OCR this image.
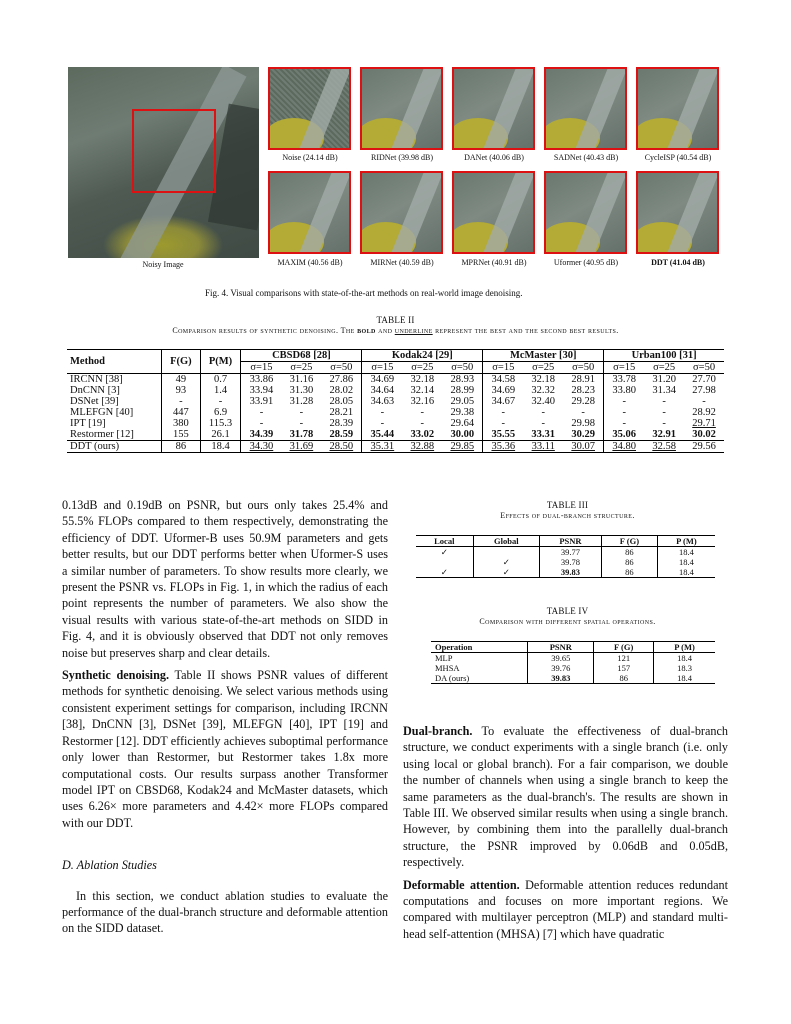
Noisy Image
Noise (24.14 dB)	RIDNet (39.98 dB)	DANet (40.06 dB)	SADNet (40.43 dB)	CycleISP (40.54 dB)
MAXIM (40.56 dB)	MIRNet (40.59 dB)	MPRNet (40.91 dB)	Uformer (40.95 dB)	DDT (41.04 dB)
Fig. 4. Visual comparisons with state-of-the-art methods on real-world image denoising.
TABLE II
Comparison results of synthetic denoising. The bold and underline represent the best and the second best results.
Method	F(G)	P(M)	CBSD68 [28]			Kodak24 [29]			McMaster [30]			Urban100 [31]		
			σ=15	σ=25	σ=50	σ=15	σ=25	σ=50	σ=15	σ=25	σ=50	σ=15	σ=25	σ=50
IRCNN [38]	49	0.7	33.86	31.16	27.86	34.69	32.18	28.93	34.58	32.18	28.91	33.78	31.20	27.70
DnCNN [3]	93	1.4	33.94	31.30	28.02	34.64	32.14	28.99	34.69	32.32	28.23	33.80	31.34	27.98
DSNet [39]	-	-	33.91	31.28	28.05	34.63	32.16	29.05	34.67	32.40	29.28	-	-	-
MLEFGN [40]	447	6.9	-	-	28.21	-	-	29.38	-	-	-	-	-	28.92
IPT [19]	380	115.3	-	-	28.39	-	-	29.64	-	-	29.98	-	-	29.71
Restormer [12]	155	26.1	34.39	31.78	28.59	35.44	33.02	30.00	35.55	33.31	30.29	35.06	32.91	30.02
DDT (ours)	86	18.4	34.30	31.69	28.50	35.31	32.88	29.85	35.36	33.11	30.07	34.80	32.58	29.56

0.13dB and 0.19dB on PSNR, but ours only takes 25.4% and 55.5% FLOPs compared to them respectively, demonstrating the efficiency of DDT. Uformer-B uses 50.9M parameters and gets better results, but our DDT performs better when Uformer-S uses a similar number of parameters. To show results more clearly, we present the PSNR vs. FLOPs in Fig. 1, in which the radius of each point represents the number of parameters. We also show the visual results with various state-of-the-art methods on SIDD in Fig. 4, and it is obviously observed that DDT not only removes noise but preserves sharp and clear details.

Synthetic denoising. Table II shows PSNR values of different methods for synthetic denoising. We select various methods using consistent experiment settings for comparison, including IRCNN [38], DnCNN [3], DSNet [39], MLEFGN [40], IPT [19] and Restormer [12]. DDT efficiently achieves suboptimal performance only lower than Restormer, but Restormer takes 1.8x more computational costs. Our results surpass another Transformer model IPT on CBSD68, Kodak24 and McMaster datasets, which uses 6.26× more parameters and 4.42× more FLOPs compared with our DDT.

D. Ablation Studies

In this section, we conduct ablation studies to evaluate the performance of the dual-branch structure and deformable attention on the SIDD dataset.

TABLE III
Effects of dual-branch structure.
Local	Global	PSNR	F (G)	P (M)
✓		39.77	86	18.4
	✓	39.78	86	18.4
✓	✓	39.83	86	18.4
TABLE IV
Comparison with different spatial operations.
Operation	PSNR	F (G)	P (M)
MLP	39.65	121	18.4
MHSA	39.76	157	18.3
DA (ours)	39.83	86	18.4

Dual-branch. To evaluate the effectiveness of dual-branch structure, we conduct experiments with a single branch (i.e. only using local or global branch). For a fair comparison, we double the number of channels when using a single branch to keep the same parameters as the dual-branch's. The results are shown in Table III. We observed similar results when using a single branch. However, by combining them into the parallelly dual-branch structure, the PSNR improved by 0.06dB and 0.05dB, respectively.

Deformable attention. Deformable attention reduces redundant computations and focuses on more important regions. We compared with multilayer perceptron (MLP) and standard multi-head self-attention (MHSA) [7] which have quadratic
